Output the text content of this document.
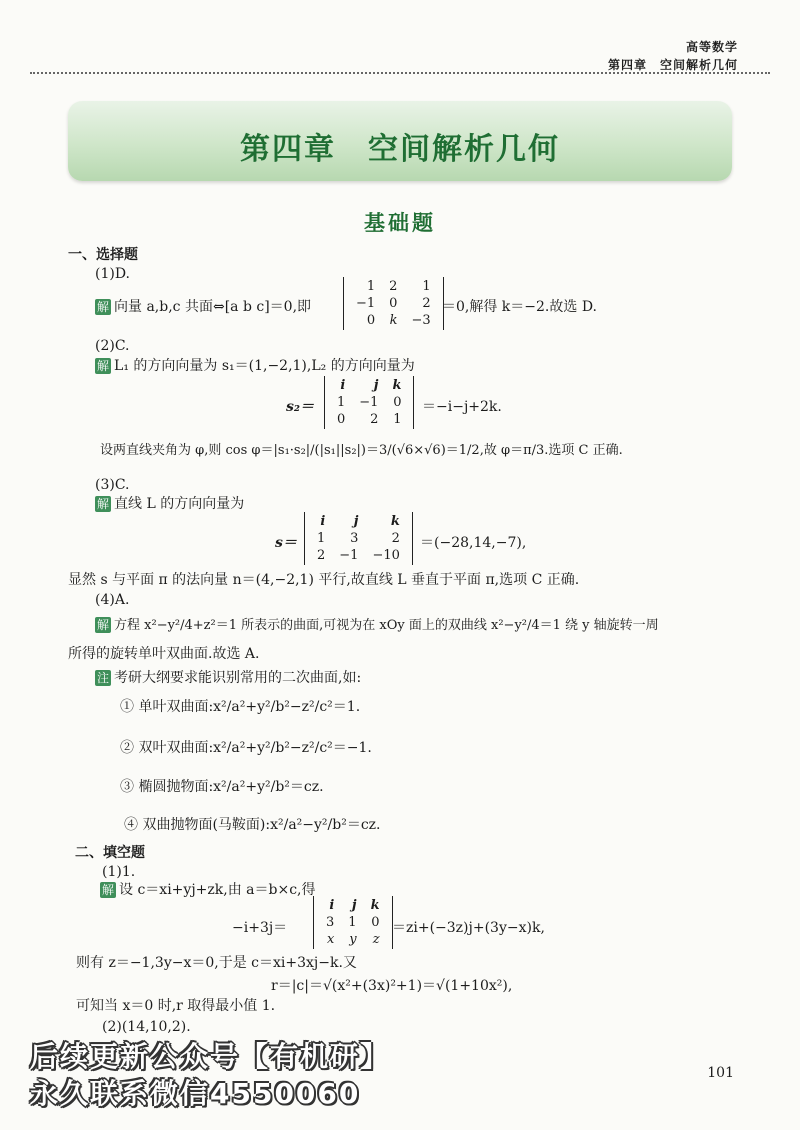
高等数学
第四章　空间解析几何
第四章　空间解析几何
基础题
一、选择题
(1)D.
解 向量 a,b,c 共面⇔[a b c]＝0,即
1	2	1
−1	0	2
0	k	−3
＝0,解得 k＝−2.故选 D.
(2)C.
解 L₁ 的方向向量为 s₁＝(1,−2,1),L₂ 的方向向量为
s₂＝
i	j	k
1	−1	0
0	2	1
＝−i−j+2k.
设两直线夹角为 φ,则 cos φ＝|s₁·s₂|/(|s₁||s₂|)＝3/(√6×√6)＝1/2,故 φ＝π/3.选项 C 正确.
(3)C.
解 直线 L 的方向向量为
s＝
i	j	k
1	3	2
2	−1	−10
＝(−28,14,−7),
显然 s 与平面 π 的法向量 n＝(4,−2,1) 平行,故直线 L 垂直于平面 π,选项 C 正确.
(4)A.
解 方程 x²−y²/4+z²＝1 所表示的曲面,可视为在 xOy 面上的双曲线 x²−y²/4＝1 绕 y 轴旋转一周
所得的旋转单叶双曲面.故选 A.
注 考研大纲要求能识别常用的二次曲面,如:
① 单叶双曲面:x²/a²+y²/b²−z²/c²＝1.
② 双叶双曲面:x²/a²+y²/b²−z²/c²＝−1.
③ 椭圆抛物面:x²/a²+y²/b²＝cz.
④ 双曲抛物面(马鞍面):x²/a²−y²/b²＝cz.
二、填空题
(1)1.
解 设 c＝xi+yj+zk,由 a＝b×c,得
−i+3j＝
i	j	k
3	1	0
x	y	z
＝zi+(−3z)j+(3y−x)k,
则有 z＝−1,3y−x＝0,于是 c＝xi+3xj−k.又
r＝|c|＝√(x²+(3x)²+1)＝√(1+10x²),
可知当 x＝0 时,r 取得最小值 1.
(2)(14,10,2).
后续更新公众号【有机研】
永久联系微信4550060
101
